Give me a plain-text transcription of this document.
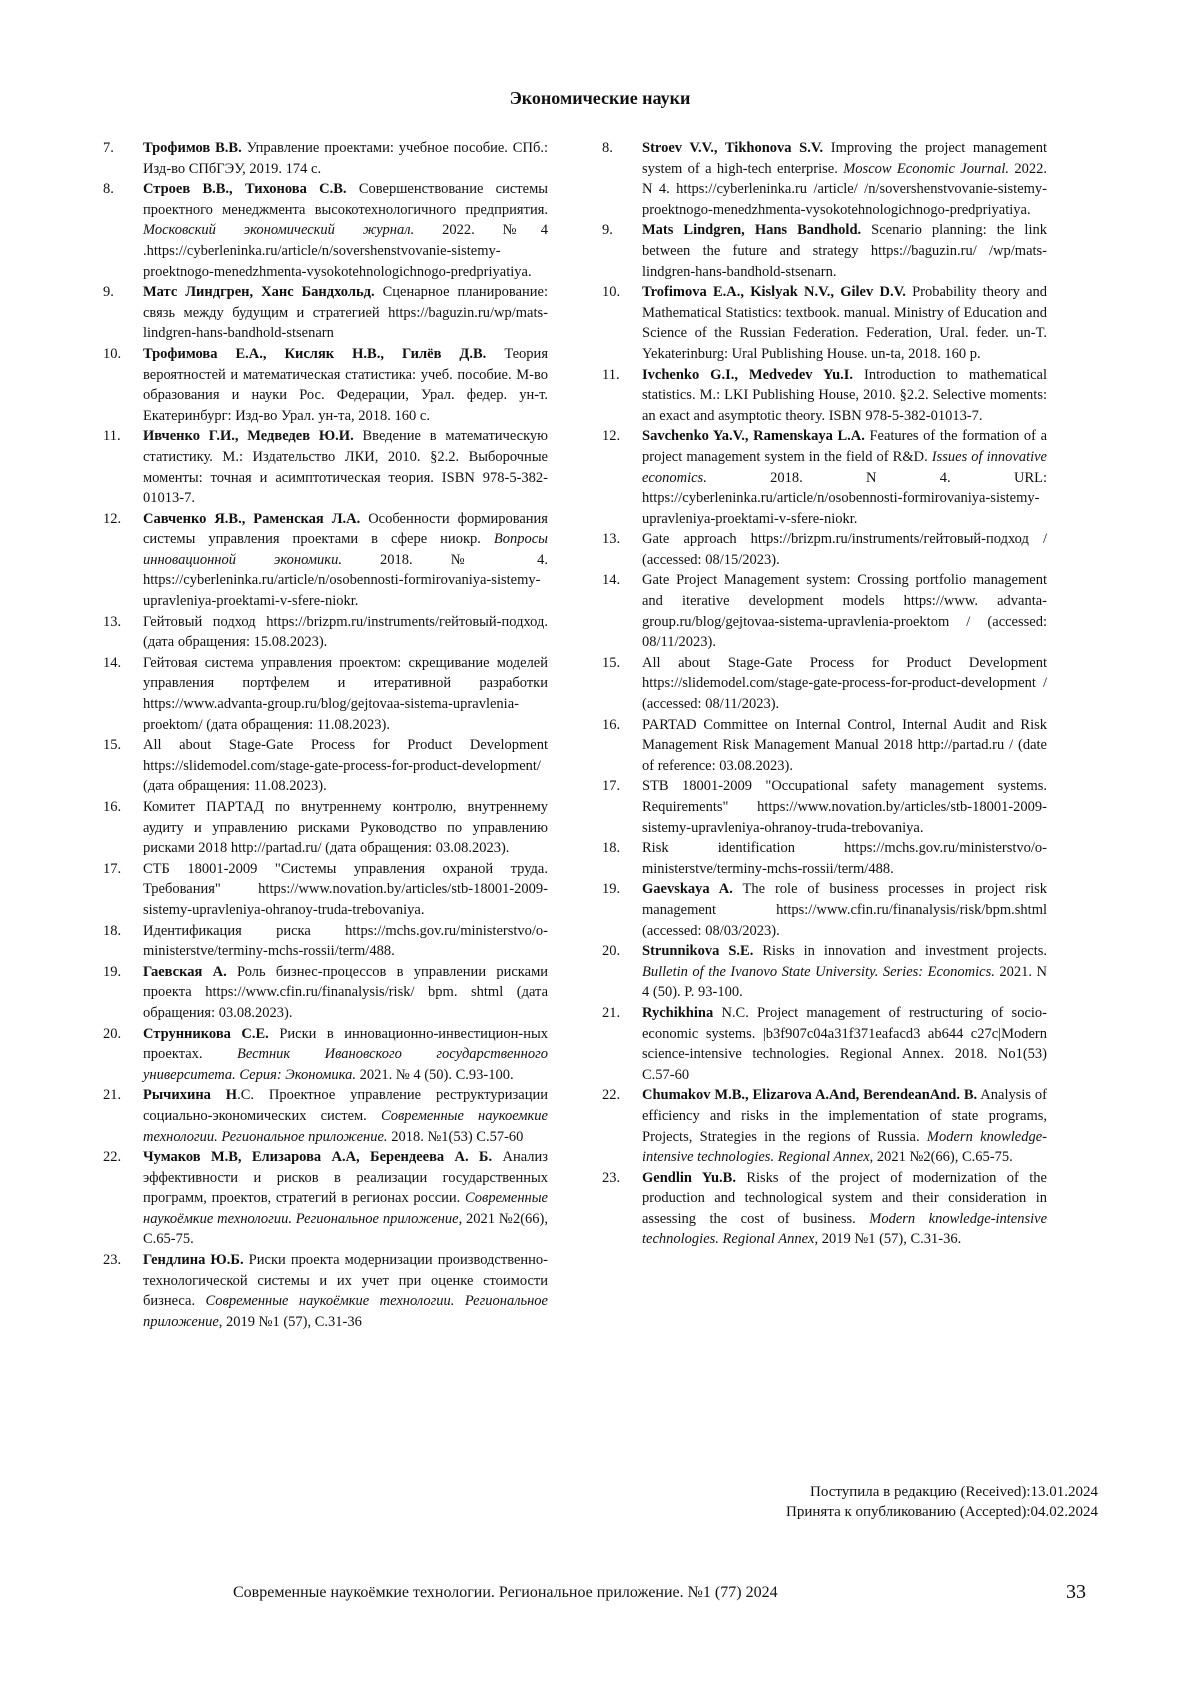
Экономические науки
7.	Трофимов В.В. Управление проектами: учебное пособие. СПб.: Изд-во СПбГЭУ, 2019. 174 с.
8.	Строев В.В., Тихонова С.В. Совершенствование системы проектного менеджмента высокотехнологичного предприятия. Московский экономический журнал. 2022. №4 .https://cyberleninka.ru/article/n/sovershenstvovanie-sistemy-proektnogo-menedzhmenta-vysokotehnologichnogo-predpriyatiya.
9.	Матс Линдгрен, Ханс Бандхольд. Сценарное планирование: связь между будущим и стратегией https://baguzin.ru/wp/mats-lindgren-hans-bandhold-stsenarn
10.	Трофимова Е.А., Кисляк Н.В., Гилёв Д.В. Теория вероятностей и математическая статистика: учеб. пособие. М-во образования и науки Рос. Федерации, Урал. федер. ун-т. Екатеринбург: Изд-во Урал. ун-та, 2018. 160 с.
11.	Ивченко Г.И., Медведев Ю.И. Введение в математическую статистику. М.: Издательство ЛКИ, 2010. §2.2. Выборочные моменты: точная и асимптотическая теория. ISBN 978-5-382-01013-7.
12.	Савченко Я.В., Раменская Л.А. Особенности формирования системы управления проектами в сфере ниокр. Вопросы инновационной экономики. 2018. № 4. https://cyberleninka.ru/article/n/osobennosti-formirovaniya-sistemy-upravleniya-proektami-v-sfere-niokr.
13.	Гейтовый подход https://brizpm.ru/instruments/гейтовый-подход. (дата обращения: 15.08.2023).
14.	Гейтовая система управления проектом: скрещивание моделей управления портфелем и итеративной разработки https://www.advanta-group.ru/blog/gejtovaa-sistema-upravlenia-proektom/ (дата обращения: 11.08.2023).
15.	All about Stage-Gate Process for Product Development https://slidemodel.com/stage-gate-process-for-product-development/ (дата обращения: 11.08.2023).
16.	Комитет ПАРТАД по внутреннему контролю, внутреннему аудиту и управлению рисками Руководство по управлению рисками 2018 http://partad.ru/ (дата обращения: 03.08.2023).
17.	СТБ 18001-2009 "Системы управления охраной труда. Требования" https://www.novation.by/articles/stb-18001-2009-sistemy-upravleniya-ohranoy-truda-trebovaniya.
18.	Идентификация риска https://mchs.gov.ru/ministerstvo/o-ministerstve/terminy-mchs-rossii/term/488.
19.	Гаевская А. Роль бизнес-процессов в управлении рисками проекта https://www.cfin.ru/finanalysis/risk/ bpm. shtml (дата обращения: 03.08.2023).
20.	Струнникова С.Е. Риски в инновационно-инвестицион-ных проектах. Вестник Ивановского государственного университета. Серия: Экономика. 2021. № 4 (50). С.93-100.
21.	Рычихина Н.С. Проектное управление реструктуризации социально-экономических систем. Современные наукоемкие технологии. Региональное приложение. 2018. №1(53) С.57-60
22.	Чумаков М.В, Елизарова А.А, Берендеева А. Б. Анализ эффективности и рисков в реализации государственных программ, проектов, стратегий в регионах россии. Современные наукоёмкие технологии. Региональное приложение, 2021 №2(66), С.65-75.
23.	Гендлина Ю.Б. Риски проекта модернизации производственно-технологической системы и их учет при оценке стоимости бизнеса. Современные наукоёмкие технологии. Региональное приложение, 2019 №1 (57), С.31-36
8.	Stroev V.V., Tikhonova S.V. Improving the project management system of a high-tech enterprise. Moscow Economic Journal. 2022. N 4. https://cyberleninka.ru /article/ /n/sovershenstvovanie-sistemy-proektnogo-menedzhmenta-vysokotehnologichnogo-predpriyatiya.
9.	Mats Lindgren, Hans Bandhold. Scenario planning: the link between the future and strategy https://baguzin.ru/ /wp/mats-lindgren-hans-bandhold-stsenarn.
10.	Trofimova E.A., Kislyak N.V., Gilev D.V. Probability theory and Mathematical Statistics: textbook. manual. Ministry of Education and Science of the Russian Federation. Federation, Ural. feder. un-T. Yekaterinburg: Ural Publishing House. un-ta, 2018. 160 p.
11.	Ivchenko G.I., Medvedev Yu.I. Introduction to mathematical statistics. M.: LKI Publishing House, 2010. §2.2. Selective moments: an exact and asymptotic theory. ISBN 978-5-382-01013-7.
12.	Savchenko Ya.V., Ramenskaya L.A. Features of the formation of a project management system in the field of R&D. Issues of innovative economics. 2018. N 4. URL: https://cyberleninka.ru/article/n/osobennosti-formirovaniya-sistemy-upravleniya-proektami-v-sfere-niokr.
13.	Gate approach https://brizpm.ru/instruments/гейтовый-подход / (accessed: 08/15/2023).
14.	Gate Project Management system: Crossing portfolio management and iterative development models https://www. advanta-group.ru/blog/gejtovaa-sistema-upravlenia-proektom / (accessed: 08/11/2023).
15.	All about Stage-Gate Process for Product Development https://slidemodel.com/stage-gate-process-for-product-development / (accessed: 08/11/2023).
16.	PARTAD Committee on Internal Control, Internal Audit and Risk Management Risk Management Manual 2018 http://partad.ru / (date of reference: 03.08.2023).
17.	STB 18001-2009 "Occupational safety management systems. Requirements" https://www.novation.by/articles/stb-18001-2009-sistemy-upravleniya-ohranoy-truda-trebovaniya.
18.	Risk identification https://mchs.gov.ru/ministerstvo/o-ministerstve/terminy-mchs-rossii/term/488.
19.	Gaevskaya A. The role of business processes in project risk management https://www.cfin.ru/finanalysis/risk/bpm.shtml (accessed: 08/03/2023).
20.	Strunnikova S.E. Risks in innovation and investment projects. Bulletin of the Ivanovo State University. Series: Economics. 2021. N 4 (50). P. 93-100.
21.	Rychikhina N.C. Project management of restructuring of socio-economic systems. |b3f907c04a31f371eafacd3 ab644 c27c|Modern science-intensive technologies. Regional Annex. 2018. No1(53) C.57-60
22.	Chumakov M.B., Elizarova A.And, BerendeanAnd. B. Analysis of efficiency and risks in the implementation of state programs, Projects, Strategies in the regions of Russia. Modern knowledge-intensive technologies. Regional Annex, 2021 №2(66), C.65-75.
23.	Gendlin Yu.B. Risks of the project of modernization of the production and technological system and their consideration in assessing the cost of business. Modern knowledge-intensive technologies. Regional Annex, 2019 №1 (57), C.31-36.
Поступила в редакцию (Received):13.01.2024
Принята к опубликованию (Accepted):04.02.2024
Современные наукоёмкие технологии. Региональное приложение. №1 (77) 2024	33
